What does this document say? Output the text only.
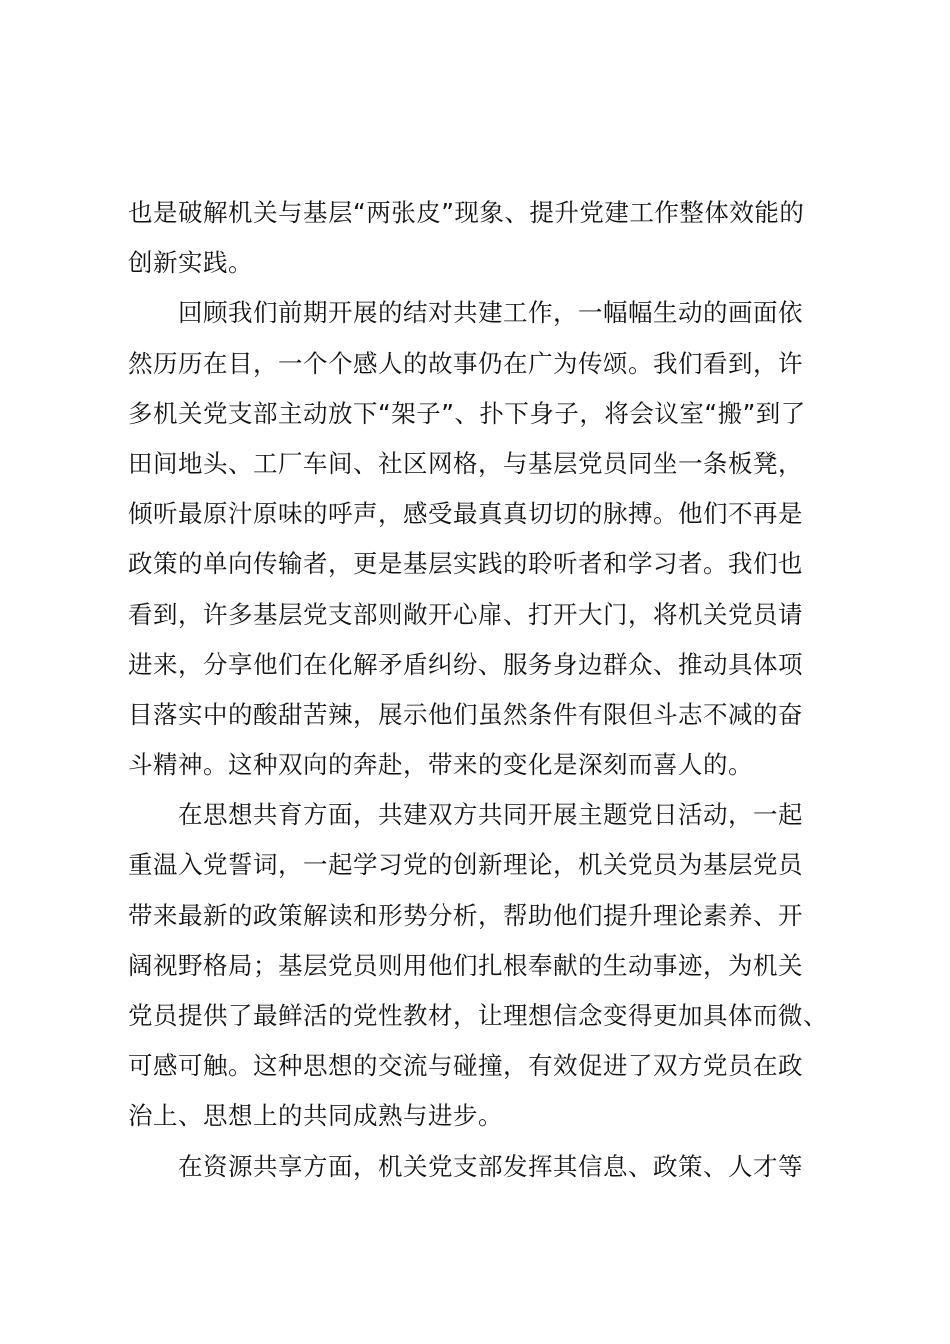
也是破解机关与基层“两张皮”现象、提升党建工作整体效能的
创新实践。
　　回顾我们前期开展的结对共建工作，一幅幅生动的画面依
然历历在目，一个个感人的故事仍在广为传颂。我们看到，许
多机关党支部主动放下“架子”、扑下身子，将会议室“搬”到了
田间地头、工厂车间、社区网格，与基层党员同坐一条板凳，
倾听最原汁原味的呼声，感受最真真切切的脉搏。他们不再是
政策的单向传输者，更是基层实践的聆听者和学习者。我们也
看到，许多基层党支部则敞开心扉、打开大门，将机关党员请
进来，分享他们在化解矛盾纠纷、服务身边群众、推动具体项
目落实中的酸甜苦辣，展示他们虽然条件有限但斗志不减的奋
斗精神。这种双向的奔赴，带来的变化是深刻而喜人的。
　　在思想共育方面，共建双方共同开展主题党日活动，一起
重温入党誓词，一起学习党的创新理论，机关党员为基层党员
带来最新的政策解读和形势分析，帮助他们提升理论素养、开
阔视野格局；基层党员则用他们扎根奉献的生动事迹，为机关
党员提供了最鲜活的党性教材，让理想信念变得更加具体而微、
可感可触。这种思想的交流与碰撞，有效促进了双方党员在政
治上、思想上的共同成熟与进步。
　　在资源共享方面，机关党支部发挥其信息、政策、人才等
